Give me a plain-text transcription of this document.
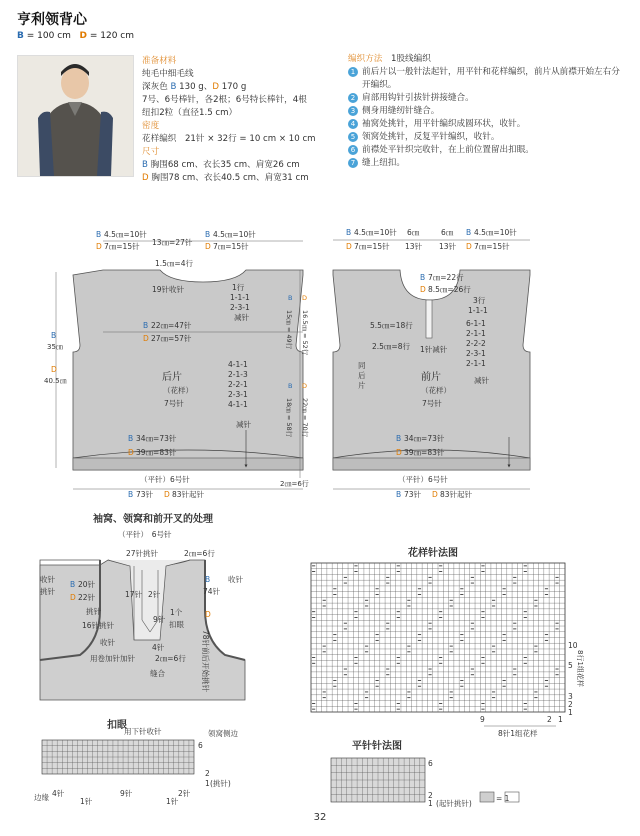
亨利领背心
B = 100 cm D = 120 cm
准备材料
纯毛中细毛线
深灰色 B 130 g、D 170 g
7号、6号棒针，各2根；6号特长棒针，4根
纽扣2粒（直径1.5 cm）
密度
花样编织　21针 × 32行 = 10 cm × 10 cm
尺寸
B 胸围68 cm、衣长35 cm、肩宽26 cm
D 胸围78 cm、衣长40.5 cm、肩宽31 cm
编织方法　1股线编织
1 前后片以一般针法起针，用平针和花样编织，前片从前襟开始左右分开编织。
2 肩部用钩针引拔针拼接缝合。
3 侧身用缝纫针缝合。
4 袖窝处挑针，用平针编织成圆环状，收针。
5 领窝处挑针，反复平针编织，收针。
6 前襟处平针织完收针，在上前位置留出扣眼。
7 缝上纽扣。
B 4.5㎝=10针
D 7㎝=15针 13㎝=27针
B 4.5㎝=10针
D 7㎝=15针
1.5㎝=4行
19针收针	1行
1-1-1
2-3-1
减针
B 22㎝=47针
D 27㎝=57针
后片
（花样）
7号针
4-1-1
2-1-3
2-2-1
2-3-1
4-1-1
减针
B 34㎝=73针
D 39㎝=83针
（平针）6号针
B 73针 D 83针起针
B
35㎝
D
40.5㎝
B D
15㎝ = 49行 16.5㎝ = 52行
B D
18㎝ = 58行 22㎝ = 70行
2㎝=6行
B 4.5㎝=10针
D 7㎝=15针
6㎝
13针
6㎝
13针
B 4.5㎝=10针
D 7㎝=15针
B 7㎝=22行
D 8.5㎝=26行
5.5㎝=18行
2.5㎝=8行 1针减针
3行
1-1-1
6-1-1
2-1-1
2-2-2
2-3-1
2-1-1
减针
同
后
片
前片
（花样）
7号针
B 34㎝=73针
D 39㎝=83针
（平针）6号针
B 73针 D 83针起针
袖窝、领窝和前开叉的处理
（平针）　6号针
27针挑针	2㎝=6行
收针
挑针
B 20针
D 22针
挑针
17针 2针
16针挑针
9针
1个
扣眼
收针
4针
用卷加针加针	2㎝=6行
缝合
B
74针
D
78针前后开始挑针
收针
花样针法图
9	2 1
10
5
3
2
1
8行1组花样
8针1组花样
扣眼
用下针收针	领窝侧边
6
2
1 (挑针)
边缘 4针
1针
9针
1针
2针
平针针法图
6
2
1 (起针挑针)
= 1
32
